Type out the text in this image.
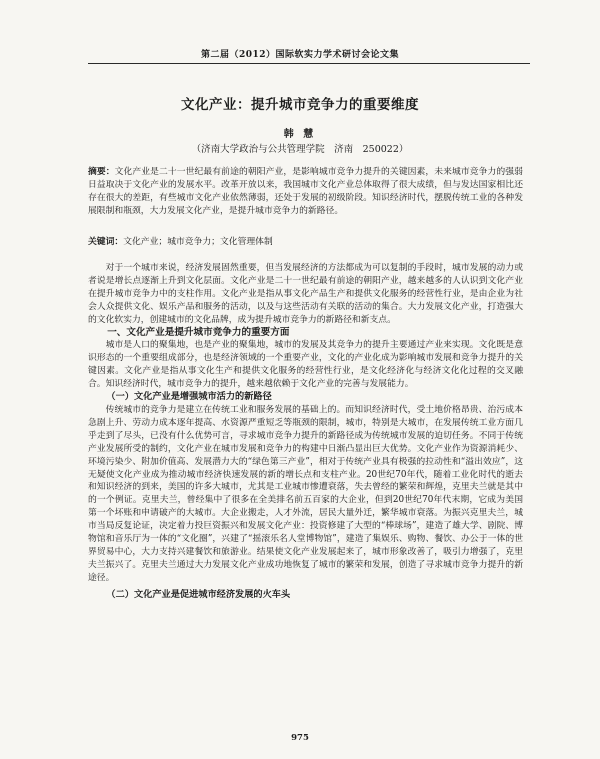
第二届（2012）国际软实力学术研讨会论文集
文化产业：提升城市竞争力的重要维度
韩 慧
（济南大学政治与公共管理学院　济南　250022）
摘要：文化产业是二十一世纪最有前途的朝阳产业，是影响城市竞争力提升的关键因素，未来城市竞争力的强弱日益取决于文化产业的发展水平。改革开放以来，我国城市文化产业总体取得了很大成绩，但与发达国家相比还存在很大的差距，有些城市文化产业依然薄弱，还处于发展的初级阶段。知识经济时代，摆脱传统工业的各种发展限制和瓶颈，大力发展文化产业，是提升城市竞争力的新路径。
关键词：文化产业；城市竞争力；文化管理体制

对于一个城市来说，经济发展固然重要，但当发展经济的方法都成为可以复制的手段时，城市发展的动力或者说是增长点逐渐上升到文化层面。文化产业是二十一世纪最有前途的朝阳产业，越来越多的人认识到文化产业在提升城市竞争力中的支柱作用。文化产业是指从事文化产品生产和提供文化服务的经营性行业，是由企业为社会人众提供文化、娱乐产品和服务的活动，以及与这些活动有关联的活动的集合。大力发展文化产业，打造强大的文化软实力，创建城市的文化品牌，成为提升城市竞争力的新路径和新支点。

一、文化产业是提升城市竞争力的重要方面

城市是人口的聚集地，也是产业的聚集地，城市的发展及其竞争力的提升主要通过产业来实现。文化既是意识形态的一个重要组成部分，也是经济领域的一个重要产业，文化的产业化成为影响城市发展和竞争力提升的关键因素。文化产业是指从事文化生产和提供文化服务的经营性行业，是文化经济化与经济文化化过程的交叉融合。知识经济时代，城市竞争力的提升，越来越依赖于文化产业的完善与发展能力。

（一）文化产业是增强城市活力的新路径

传统城市的竞争力是建立在传统工业和服务发展的基础上的。而知识经济时代，受土地价格昂贵、治污成本急剧上升、劳动力成本逐年提高、水资源严重短乏等瓶颈的限制，城市，特别是大城市，在发展传统工业方面几乎走到了尽头，已没有什么优势可言，寻求城市竞争力提升的新路径成为传统城市发展的迫切任务。不同于传统产业发展所受的制约，文化产业在城市发展和竞争力的构建中日渐凸显出巨大优势。文化产业作为资源消耗少、环境污染少、附加价值高、发展潜力大的“绿色第三产业”，相对于传统产业具有极强的拉动性和“溢出效应”，这无疑使文化产业成为推动城市经济快速发展的新的增长点和支柱产业。20世纪70年代，随着工业化时代的逝去和知识经济的到来，美国的许多大城市，尤其是工业城市惨遭衰落，失去曾经的繁荣和辉煌，克里夫兰就是其中的一个例证。克里夫兰，曾经集中了很多在全美排名前五百家的大企业，但到20世纪70年代末期，它成为美国第一个坏账和申请破产的大城市。大企业搬走，人才外流，居民大量外迁，繁华城市衰落。为振兴克里夫兰，城市当局反复论证，决定着力投巨资振兴和发展文化产业：投资修建了大型的“棒球场”，建造了雄大学、剧院、博物馆和音乐厅为一体的“文化圈”，兴建了“摇滚乐名人堂博物馆”，建造了集娱乐、购物、餐饮、办公于一体的世界贸易中心，大力支持兴建餐饮和旅游业。结果使文化产业发展起来了，城市形象改善了，吸引力增强了，克里夫兰振兴了。克里夫兰通过大力发展文化产业成功地恢复了城市的繁荣和发展，创造了寻求城市竞争力提升的新途径。

（二）文化产业是促进城市经济发展的火车头

975
